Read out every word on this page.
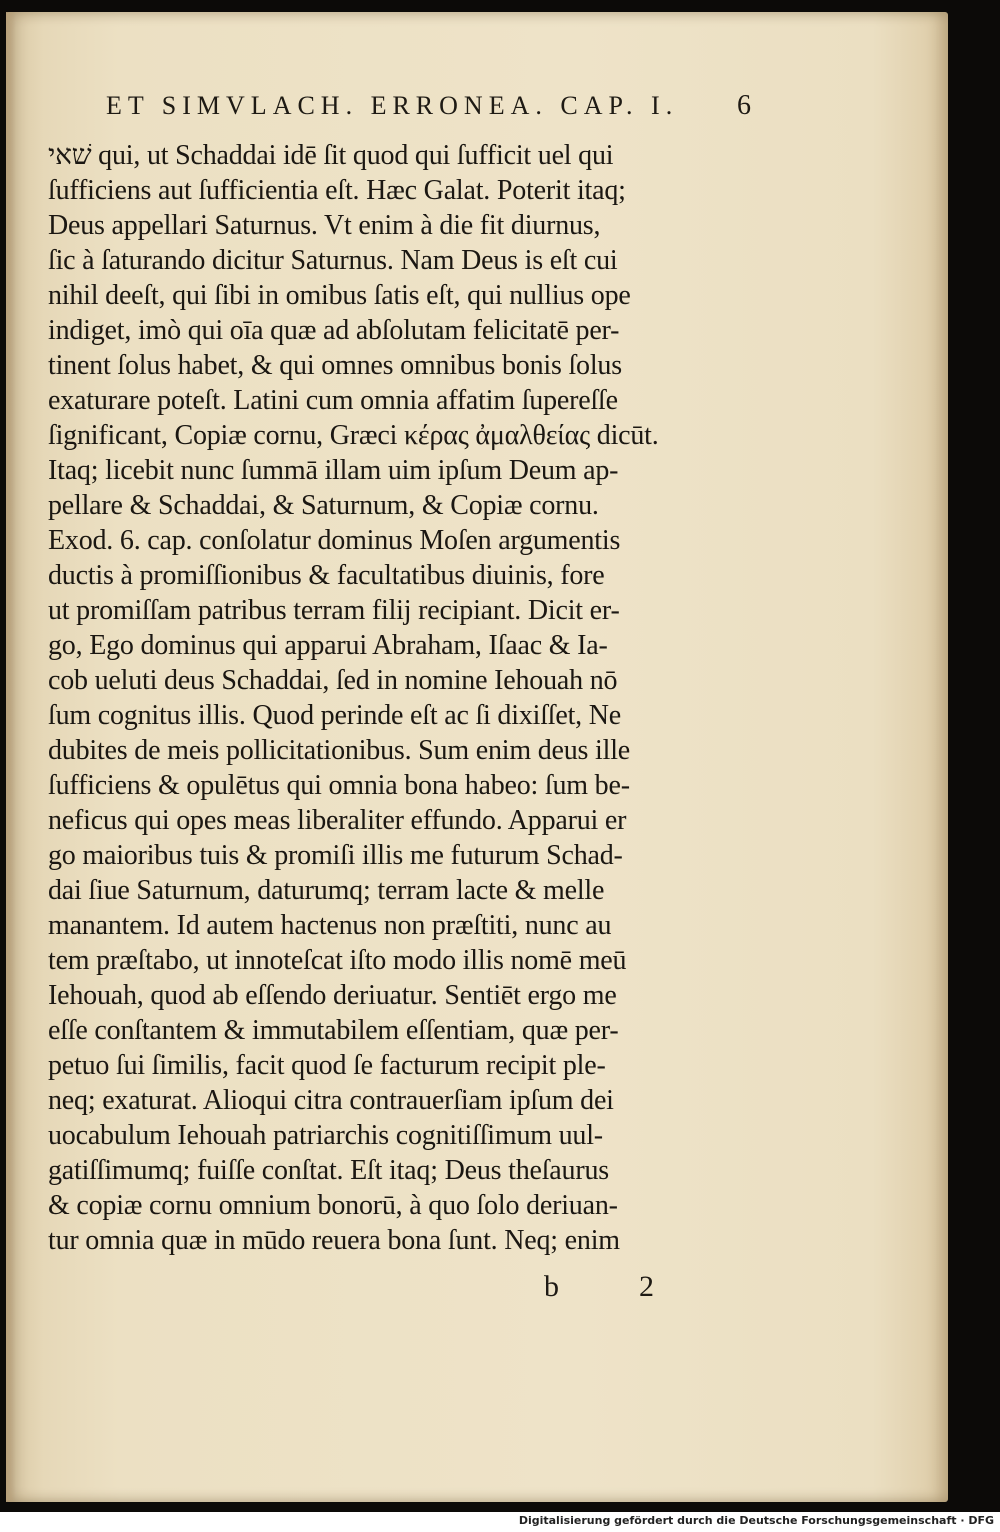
ET SIMVLACH. ERRONEA. CAP. I. 6
שׁאי qui, ut Schaddai idē ſit quod qui ſufficit uel qui
ſufficiens aut ſufficientia eſt. Hæc Galat. Poterit itaq;
Deus appellari Saturnus. Vt enim à die fit diurnus,
ſic à ſaturando dicitur Saturnus. Nam Deus is eſt cui
nihil deeſt, qui ſibi in omibus ſatis eſt, qui nullius ope
indiget, imò qui oīa quæ ad abſolutam felicitatē per-
tinent ſolus habet, & qui omnes omnibus bonis ſolus
exaturare poteſt. Latini cum omnia affatim ſupereſſe
ſignificant, Copiæ cornu, Græci κέρας ἀμαλθείας dicūt.
Itaq; licebit nunc ſummā illam uim ipſum Deum ap-
pellare & Schaddai, & Saturnum, & Copiæ cornu.
Exod. 6. cap. conſolatur dominus Moſen argumentis
ductis à promiſſionibus & facultatibus diuinis, fore
ut promiſſam patribus terram filij recipiant. Dicit er-
go, Ego dominus qui apparui Abraham, Iſaac & Ia-
cob ueluti deus Schaddai, ſed in nomine Iehouah nō
ſum cognitus illis. Quod perinde eſt ac ſi dixiſſet, Ne
dubites de meis pollicitationibus. Sum enim deus ille
ſufficiens & opulētus qui omnia bona habeo: ſum be-
neficus qui opes meas liberaliter effundo. Apparui er
go maioribus tuis & promiſi illis me futurum Schad-
dai ſiue Saturnum, daturumq; terram lacte & melle
manantem. Id autem hactenus non præſtiti, nunc au
tem præſtabo, ut innoteſcat iſto modo illis nomē meū
Iehouah, quod ab eſſendo deriuatur. Sentiēt ergo me
eſſe conſtantem & immutabilem eſſentiam, quæ per-
petuo ſui ſimilis, facit quod ſe facturum recipit ple-
neq; exaturat. Alioqui citra contrauerſiam ipſum dei
uocabulum Iehouah patriarchis cognitiſſimum uul-
gatiſſimumq; fuiſſe conſtat. Eſt itaq; Deus theſaurus
& copiæ cornu omnium bonorū, à quo ſolo deriuan-
tur omnia quæ in mūdo reuera bona ſunt. Neq; enim
b	2
Digitalisierung gefördert durch die Deutsche Forschungsgemeinschaft · DFG
